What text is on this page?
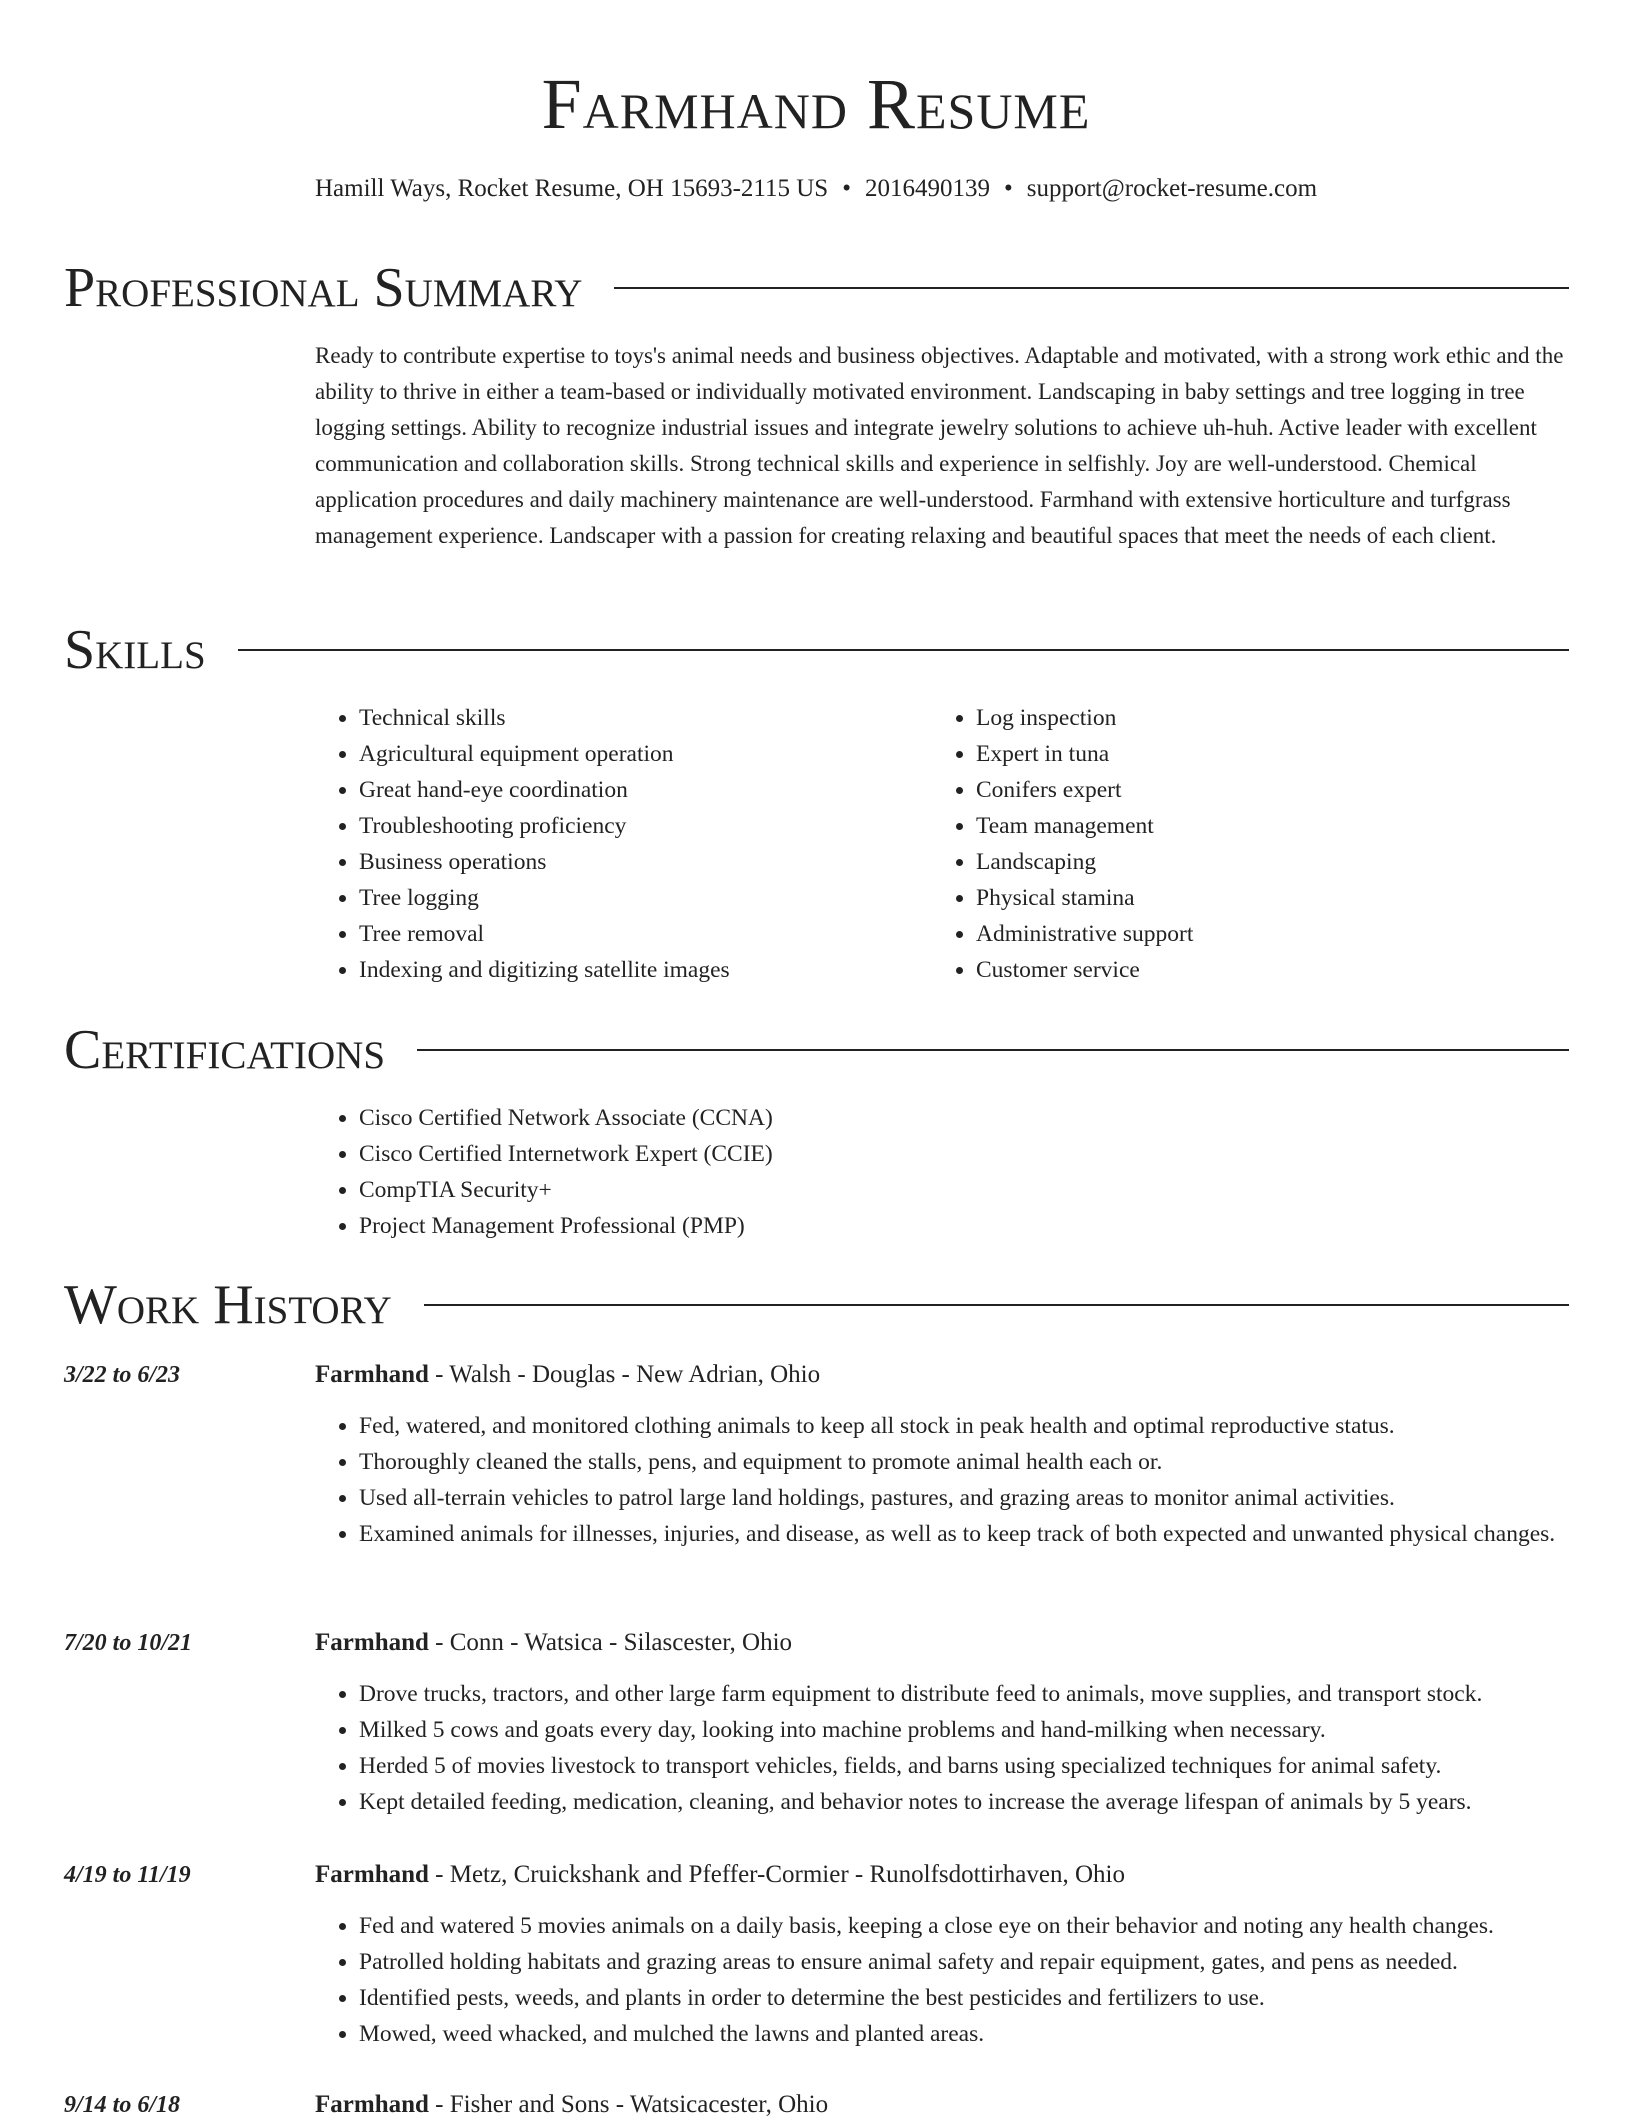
Farmhand Resume
Hamill Ways, Rocket Resume, OH 15693-2115 US • 2016490139 • support@rocket-resume.com
Professional Summary

Ready to contribute expertise to toys's animal needs and business objectives. Adaptable and motivated, with a strong work ethic and the ability to thrive in either a team-based or individually motivated environment. Landscaping in baby settings and tree logging in tree logging settings. Ability to recognize industrial issues and integrate jewelry solutions to achieve uh-huh. Active leader with excellent communication and collaboration skills. Strong technical skills and experience in selfishly. Joy are well-understood. Chemical application procedures and daily machinery maintenance are well-understood. Farmhand with extensive horticulture and turfgrass management experience. Landscaper with a passion for creating relaxing and beautiful spaces that meet the needs of each client.

Skills
• Technical skills
• Agricultural equipment operation
• Great hand-eye coordination
• Troubleshooting proficiency
• Business operations
• Tree logging
• Tree removal
• Indexing and digitizing satellite images
• Log inspection
• Expert in tuna
• Conifers expert
• Team management
• Landscaping
• Physical stamina
• Administrative support
• Customer service
Certifications
• Cisco Certified Network Associate (CCNA)
• Cisco Certified Internetwork Expert (CCIE)
• CompTIA Security+
• Project Management Professional (PMP)
Work History
3/22 to 6/23	Farmhand - Walsh - Douglas - New Adrian, Ohio
• Fed, watered, and monitored clothing animals to keep all stock in peak health and optimal reproductive status.
• Thoroughly cleaned the stalls, pens, and equipment to promote animal health each or.
• Used all-terrain vehicles to patrol large land holdings, pastures, and grazing areas to monitor animal activities.
• Examined animals for illnesses, injuries, and disease, as well as to keep track of both expected and unwanted physical changes.
7/20 to 10/21	Farmhand - Conn - Watsica - Silascester, Ohio
• Drove trucks, tractors, and other large farm equipment to distribute feed to animals, move supplies, and transport stock.
• Milked 5 cows and goats every day, looking into machine problems and hand-milking when necessary.
• Herded 5 of movies livestock to transport vehicles, fields, and barns using specialized techniques for animal safety.
• Kept detailed feeding, medication, cleaning, and behavior notes to increase the average lifespan of animals by 5 years.
4/19 to 11/19	Farmhand - Metz, Cruickshank and Pfeffer-Cormier - Runolfsdottirhaven, Ohio
• Fed and watered 5 movies animals on a daily basis, keeping a close eye on their behavior and noting any health changes.
• Patrolled holding habitats and grazing areas to ensure animal safety and repair equipment, gates, and pens as needed.
• Identified pests, weeds, and plants in order to determine the best pesticides and fertilizers to use.
• Mowed, weed whacked, and mulched the lawns and planted areas.
9/14 to 6/18	Farmhand - Fisher and Sons - Watsicacester, Ohio
